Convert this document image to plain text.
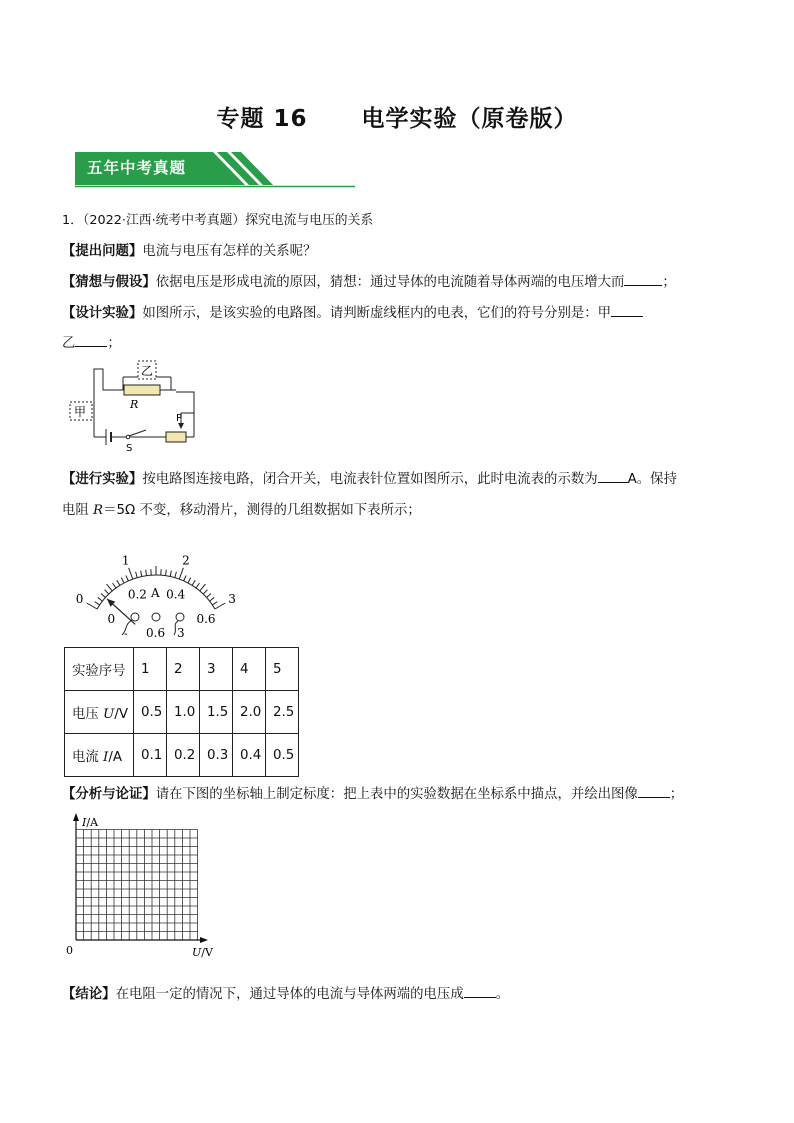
专题 16      电学实验（原卷版）
五年中考真题
1．（2022·江西·统考中考真题）探究电流与电压的关系
【提出问题】电流与电压有怎样的关系呢？
【猜想与假设】依据电压是形成电流的原因，猜想：通过导体的电流随着导体两端的电压增大而	；
【设计实验】如图所示，是该实验的电路图。请判断虚线框内的电表，它们的符号分别是：甲
乙 ；
乙
R
甲
S
P
【进行实验】按电路图连接电路，闭合开关，电流表针位置如图所示，此时电流表的示数为 A。保持
电阻 R＝5Ω 不变，移动滑片，测得的几组数据如下表所示；
0
1	2
3
0
0.2 0.4
0.6
A
- 0.6 3
实验序号	1	2	3	4	5
电压 U/V	0.5	1.0	1.5	2.0	2.5
电流 I/A	0.1	0.2	0.3	0.4	0.5
【分析与论证】请在下图的坐标轴上制定标度：把上表中的实验数据在坐标系中描点，并绘出图像 ；
I/A
U/V
0
【结论】在电阻一定的情况下，通过导体的电流与导体两端的电压成 。
